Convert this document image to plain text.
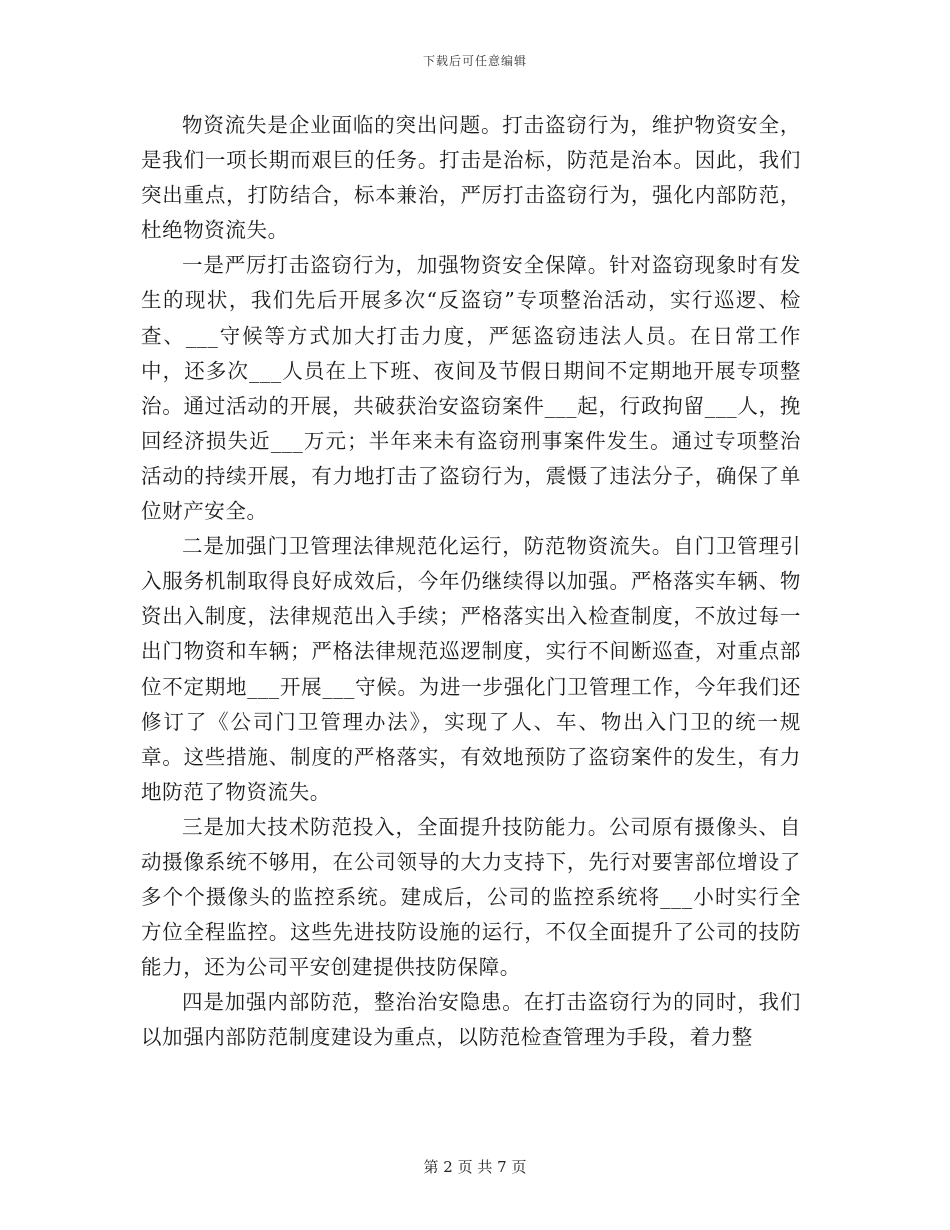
下载后可任意编辑

物资流失是企业面临的突出问题。打击盗窃行为，维护物资安全，是我们一项长期而艰巨的任务。打击是治标，防范是治本。因此，我们突出重点，打防结合，标本兼治，严厉打击盗窃行为，强化内部防范，杜绝物资流失。

一是严厉打击盗窃行为，加强物资安全保障。针对盗窃现象时有发生的现状，我们先后开展多次“反盗窃”专项整治活动，实行巡逻、检查、___守候等方式加大打击力度，严惩盗窃违法人员。在日常工作中，还多次___人员在上下班、夜间及节假日期间不定期地开展专项整治。通过活动的开展，共破获治安盗窃案件___起，行政拘留___人，挽回经济损失近___万元；半年来未有盗窃刑事案件发生。通过专项整治活动的持续开展，有力地打击了盗窃行为，震慑了违法分子，确保了单位财产安全。

二是加强门卫管理法律规范化运行，防范物资流失。自门卫管理引入服务机制取得良好成效后，今年仍继续得以加强。严格落实车辆、物资出入制度，法律规范出入手续；严格落实出入检查制度，不放过每一出门物资和车辆；严格法律规范巡逻制度，实行不间断巡查，对重点部位不定期地___开展___守候。为进一步强化门卫管理工作，今年我们还修订了《公司门卫管理办法》，实现了人、车、物出入门卫的统一规章。这些措施、制度的严格落实，有效地预防了盗窃案件的发生，有力地防范了物资流失。

三是加大技术防范投入，全面提升技防能力。公司原有摄像头、自动摄像系统不够用，在公司领导的大力支持下，先行对要害部位增设了多个个摄像头的监控系统。建成后，公司的监控系统将___小时实行全方位全程监控。这些先进技防设施的运行，不仅全面提升了公司的技防能力，还为公司平安创建提供技防保障。

四是加强内部防范，整治治安隐患。在打击盗窃行为的同时，我们以加强内部防范制度建设为重点，以防范检查管理为手段，着力整

第 2 页 共 7 页
